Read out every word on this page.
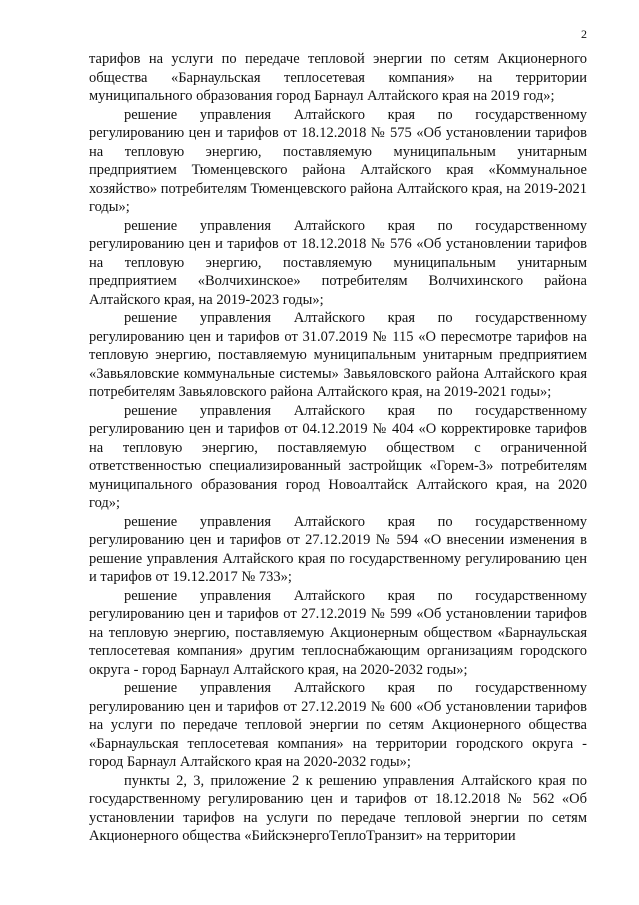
2

тарифов на услуги по передаче тепловой энергии по сетям Акционерного общества «Барнаульская теплосетевая компания» на территории муниципального образования город Барнаул Алтайского края на 2019 год»;

решение управления Алтайского края по государственному регулированию цен и тарифов от 18.12.2018 № 575 «Об установлении тарифов на тепловую энергию, поставляемую муниципальным унитарным предприятием Тюменцевского района Алтайского края «Коммунальное хозяйство» потребителям Тюменцевского района Алтайского края, на 2019-2021 годы»;

решение управления Алтайского края по государственному регулированию цен и тарифов от 18.12.2018 № 576 «Об установлении тарифов на тепловую энергию, поставляемую муниципальным унитарным предприятием «Волчихинское» потребителям Волчихинского района Алтайского края, на 2019-2023 годы»;

решение управления Алтайского края по государственному регулированию цен и тарифов от 31.07.2019 № 115 «О пересмотре тарифов на тепловую энергию, поставляемую муниципальным унитарным предприятием «Завьяловские коммунальные системы» Завьяловского района Алтайского края потребителям Завьяловского района Алтайского края, на 2019-2021 годы»;

решение управления Алтайского края по государственному регулированию цен и тарифов от 04.12.2019 № 404 «О корректировке тарифов на тепловую энергию, поставляемую обществом с ограниченной ответственностью специализированный застройщик «Горем-3» потребителям муниципального образования город Новоалтайск Алтайского края, на 2020 год»;

решение управления Алтайского края по государственному регулированию цен и тарифов от 27.12.2019 № 594 «О внесении изменения в решение управления Алтайского края по государственному регулированию цен и тарифов от 19.12.2017 № 733»;

решение управления Алтайского края по государственному регулированию цен и тарифов от 27.12.2019 № 599 «Об установлении тарифов на тепловую энергию, поставляемую Акционерным обществом «Барнаульская теплосетевая компания» другим теплоснабжающим организациям городского округа - город Барнаул Алтайского края, на 2020-2032 годы»;

решение управления Алтайского края по государственному регулированию цен и тарифов от 27.12.2019 № 600 «Об установлении тарифов на услуги по передаче тепловой энергии по сетям Акционерного общества «Барнаульская теплосетевая компания» на территории городского округа - город Барнаул Алтайского края на 2020-2032 годы»;

пункты 2, 3, приложение 2 к решению управления Алтайского края по государственному регулированию цен и тарифов от 18.12.2018 № 562 «Об установлении тарифов на услуги по передаче тепловой энергии по сетям Акционерного общества «БийскэнергоТеплоТранзит» на территории
